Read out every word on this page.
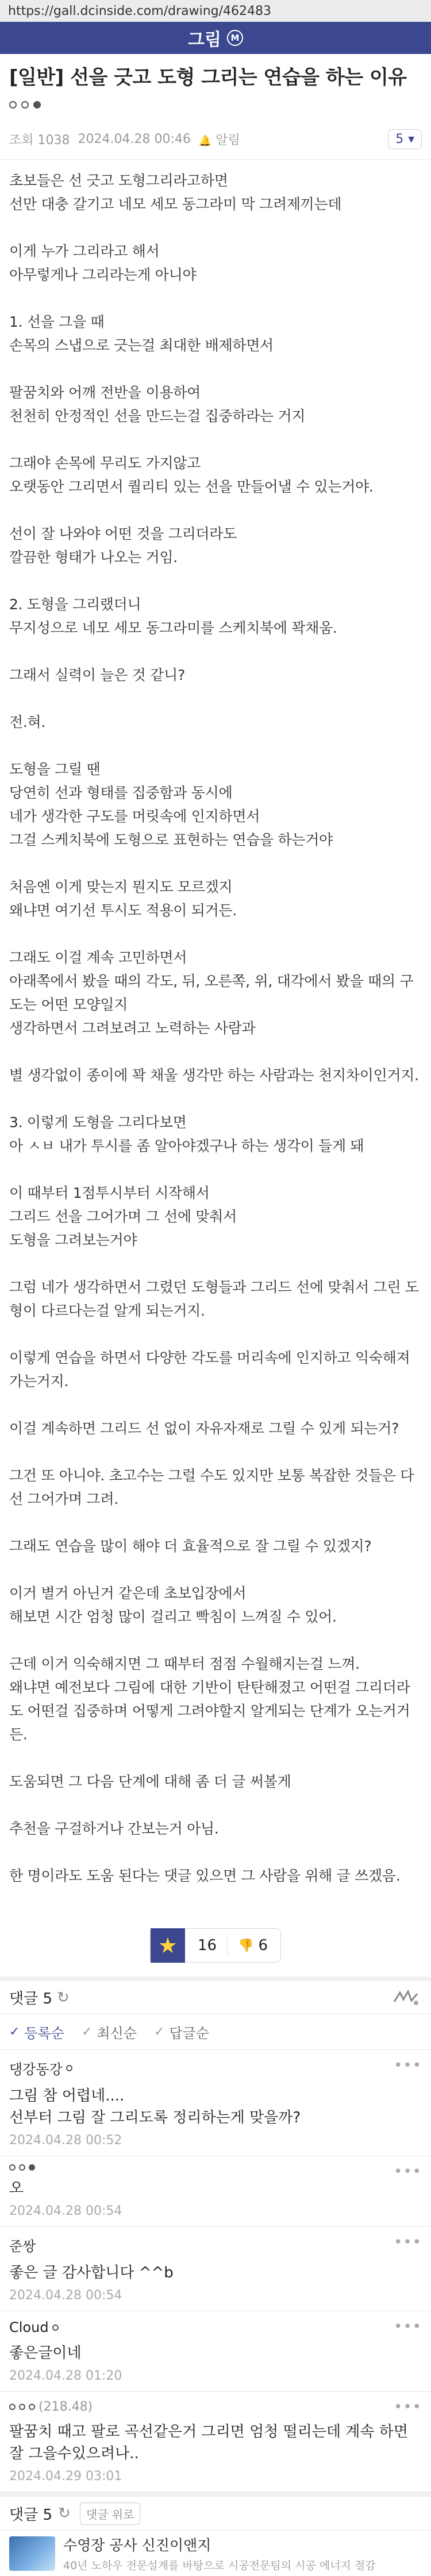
https://gall.dcinside.com/drawing/462483
그림	M
[일반] 선을 긋고 도형 그리는 연습을 하는 이유
조회 1038 2024.04.28 00:46 🔔 알림	5 ▼

초보들은 선 긋고 도형그리라고하면
선만 대충 갈기고 네모 세모 동그라미 막 그려제끼는데

이게 누가 그리라고 해서
아무렇게나 그리라는게 아니야

1. 선을 그을 때
손목의 스냅으로 긋는걸 최대한 배제하면서

팔꿈치와 어깨 전반을 이용하여
천천히 안정적인 선을 만드는걸 집중하라는 거지

그래야 손목에 무리도 가지않고
오랫동안 그리면서 퀄리티 있는 선을 만들어낼 수 있는거야.

선이 잘 나와야 어떤 것을 그리더라도
깔끔한 형태가 나오는 거임.

2. 도형을 그리랬더니
무지성으로 네모 세모 동그라미를 스케치북에 꽉채움.

그래서 실력이 늘은 것 같니?

전.혀.

도형을 그릴 땐
당연히 선과 형태를 집중함과 동시에
네가 생각한 구도를 머릿속에 인지하면서
그걸 스케치북에 도형으로 표현하는 연습을 하는거야

처음엔 이게 맞는지 뭔지도 모르겠지
왜냐면 여기선 투시도 적용이 되거든.

그래도 이걸 계속 고민하면서
아래쪽에서 봤을 때의 각도, 뒤, 오른쪽, 위, 대각에서 봤을 때의 구도는 어떤 모양일지
생각하면서 그려보려고 노력하는 사람과

별 생각없이 종이에 꽉 채울 생각만 하는 사람과는 천지차이인거지.

3. 이렇게 도형을 그리다보면
아 ㅅㅂ 내가 투시를 좀 알아야겠구나 하는 생각이 들게 돼

이 때부터 1점투시부터 시작해서
그리드 선을 그어가며 그 선에 맞춰서
도형을 그려보는거야

그럼 네가 생각하면서 그렸던 도형들과 그리드 선에 맞춰서 그린 도형이 다르다는걸 알게 되는거지.

이렇게 연습을 하면서 다양한 각도를 머리속에 인지하고 익숙해져가는거지.

이걸 계속하면 그리드 선 없이 자유자재로 그릴 수 있게 되는거?

그건 또 아니야. 초고수는 그럴 수도 있지만 보통 복잡한 것들은 다 선 그어가며 그려.

그래도 연습을 많이 해야 더 효율적으로 잘 그릴 수 있겠지?

이거 별거 아닌거 같은데 초보입장에서
해보면 시간 엄청 많이 걸리고 빡침이 느껴질 수 있어.

근데 이거 익숙해지면 그 때부터 점점 수월해지는걸 느껴.
왜냐면 예전보다 그림에 대한 기반이 탄탄해졌고 어떤걸 그리더라도 어떤걸 집중하며 어떻게 그려야할지 알게되는 단계가 오는거거든.

도움되면 그 다음 단계에 대해 좀 더 글 써볼게

추천을 구걸하거나 간보는거 아님.

한 명이라도 도움 된다는 댓글 있으면 그 사람을 위해 글 쓰겠음.

★	16	👎 6
댓글 5 ↻
✓ 등록순 ✓ 최신순 ✓ 답글순
댕강동강	•••
그림 참 어렵네....
선부터 그림 잘 그리도록 정리하는게 맞을까?
2024.04.28 00:52
•••
오
2024.04.28 00:54
준쌍	•••
좋은 글 감사합니다 ^^b
2024.04.28 00:54
Cloud	•••
좋은글이네
2024.04.28 01:20
(218.48)	•••
팔꿈치 때고 팔로 곡선같은거 그리면 엄청 떨리는데 계속 하면 잘 그을수있으려나..
2024.04.29 03:01
댓글 5 ↻	댓글 위로
수영장 공사 신진이앤지
40년 노하우 전문설계를 바탕으로 시공전문팀의 시공 에너지 절감
